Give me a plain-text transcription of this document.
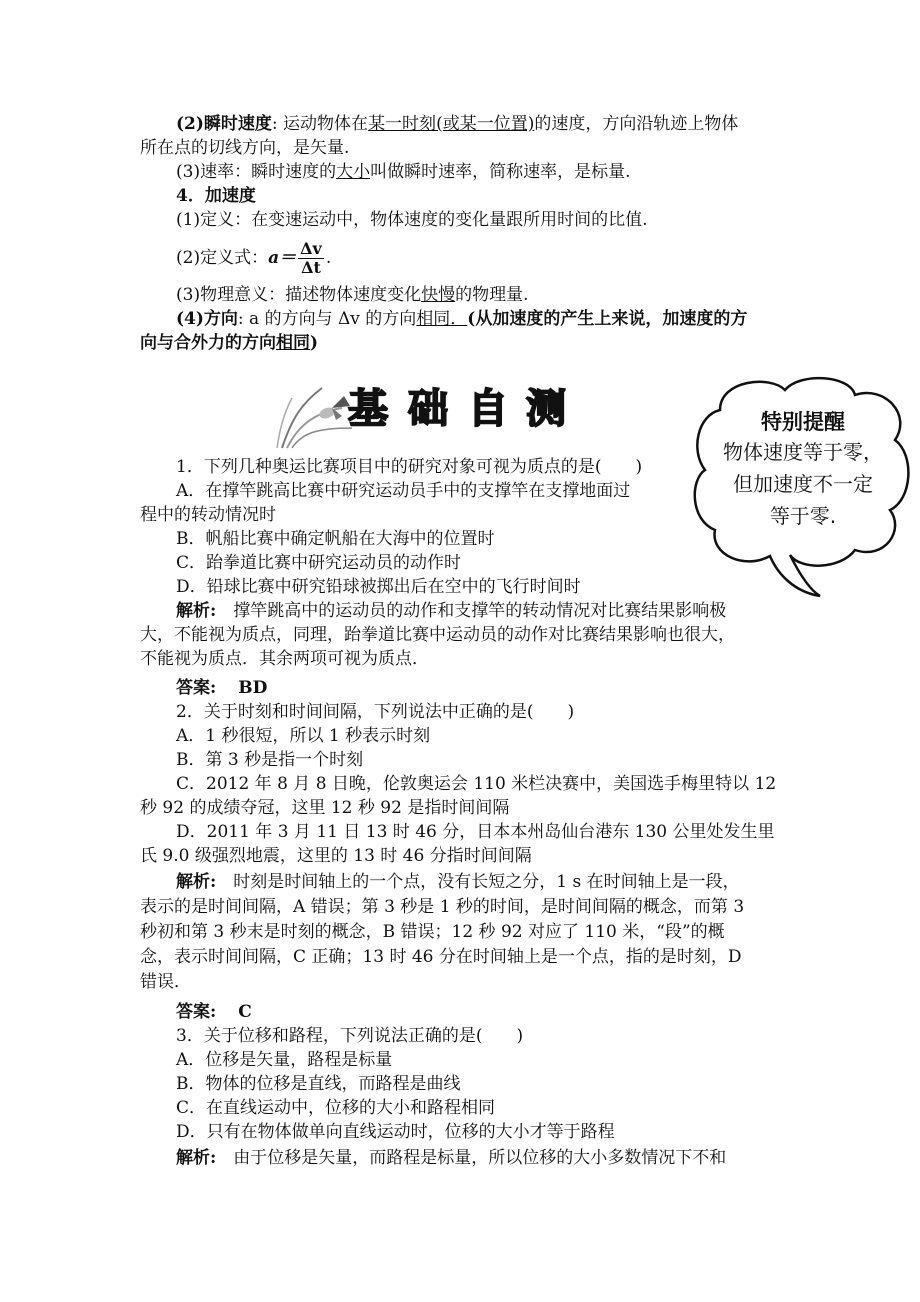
(2)瞬时速度: 运动物体在某一时刻(或某一位置)的速度，方向沿轨迹上物体
所在点的切线方向，是矢量.
(3)速率：瞬时速度的大小叫做瞬时速率，简称速率，是标量.
4．加速度
(1)定义：在变速运动中，物体速度的变化量跟所用时间的比值.
(2)定义式：$a= \frac{\Delta v}{\Delta t}$ .
(3)物理意义：描述物体速度变化快慢的物理量.
(4)方向: a 的方向与 Δv 的方向相同．(从加速度的产生上来说，加速度的方
向与合外力的方向相同)
基 础 自 测	特别提醒
物体速度等于零，
但加速度不一定
等于零.
1．下列几种奥运比赛项目中的研究对象可视为质点的是(　　)
A．在撑竿跳高比赛中研究运动员手中的支撑竿在支撑地面过
程中的转动情况时
B．帆船比赛中确定帆船在大海中的位置时
C．跆拳道比赛中研究运动员的动作时
D．铅球比赛中研究铅球被掷出后在空中的飞行时间时
解析:　撑竿跳高中的运动员的动作和支撑竿的转动情况对比赛结果影响极
大，不能视为质点，同理，跆拳道比赛中运动员的动作对比赛结果影响也很大，
不能视为质点．其余两项可视为质点．
答案: BD
2．关于时刻和时间间隔，下列说法中正确的是(　　)
A．1 秒很短，所以 1 秒表示时刻
B．第 3 秒是指一个时刻
C．2012 年 8 月 8 日晚，伦敦奥运会 110 米栏决赛中，美国选手梅里特以 12
秒 92 的成绩夺冠，这里 12 秒 92 是指时间间隔
D．2011 年 3 月 11 日 13 时 46 分，日本本州岛仙台港东 130 公里处发生里
氏 9.0 级强烈地震，这里的 13 时 46 分指时间间隔
解析:　时刻是时间轴上的一个点，没有长短之分，1 s 在时间轴上是一段，
表示的是时间间隔，A 错误；第 3 秒是 1 秒的时间，是时间间隔的概念，而第 3
秒初和第 3 秒末是时刻的概念，B 错误；12 秒 92 对应了 110 米，“段”的概
念，表示时间间隔，C 正确；13 时 46 分在时间轴上是一个点，指的是时刻，D
错误．
答案: C
3．关于位移和路程，下列说法正确的是(　　)
A．位移是矢量，路程是标量
B．物体的位移是直线，而路程是曲线
C．在直线运动中，位移的大小和路程相同
D．只有在物体做单向直线运动时，位移的大小才等于路程
解析:　由于位移是矢量，而路程是标量，所以位移的大小多数情况下不和
